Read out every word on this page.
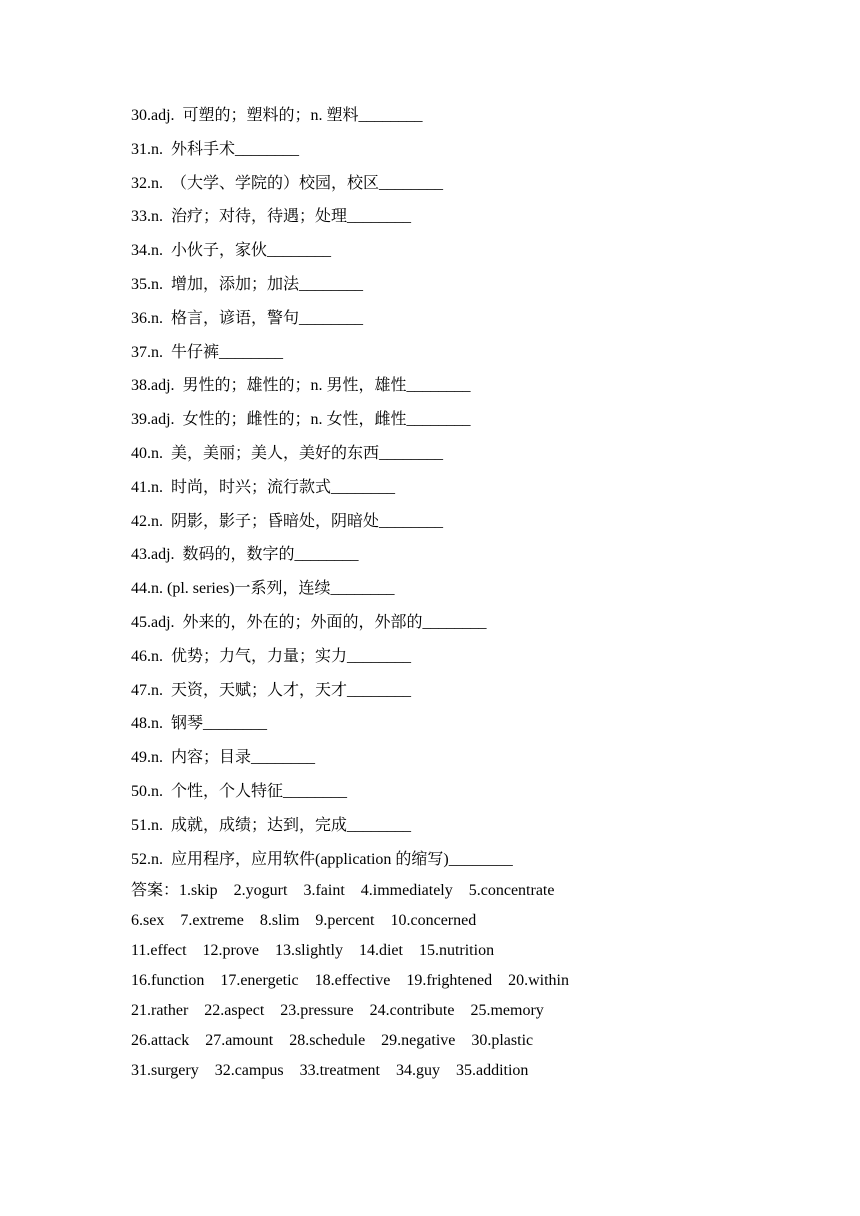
30.adj.  可塑的；塑料的；n. 塑料________
31.n.  外科手术________
32.n.  （大学、学院的）校园，校区________
33.n.  治疗；对待，待遇；处理________
34.n.  小伙子，家伙________
35.n.  增加，添加；加法________
36.n.  格言，谚语，警句________
37.n.  牛仔裤________
38.adj.  男性的；雄性的；n. 男性，雄性________
39.adj.  女性的；雌性的；n. 女性，雌性________
40.n.  美，美丽；美人，美好的东西________
41.n.  时尚，时兴；流行款式________
42.n.  阴影，影子；昏暗处，阴暗处________
43.adj.  数码的，数字的________
44.n. (pl. series)一系列，连续________
45.adj.  外来的，外在的；外面的，外部的________
46.n.  优势；力气，力量；实力________
47.n.  天资，天赋；人才，天才________
48.n.  钢琴________
49.n.  内容；目录________
50.n.  个性，个人特征________
51.n.  成就，成绩；达到，完成________
52.n.  应用程序，应用软件(application 的缩写)________
答案：1.skip    2.yogurt    3.faint    4.immediately    5.concentrate
6.sex    7.extreme    8.slim    9.percent    10.concerned
11.effect    12.prove    13.slightly    14.diet    15.nutrition
16.function    17.energetic    18.effective    19.frightened    20.within
21.rather    22.aspect    23.pressure    24.contribute    25.memory
26.attack    27.amount    28.schedule    29.negative    30.plastic
31.surgery    32.campus    33.treatment    34.guy    35.addition
